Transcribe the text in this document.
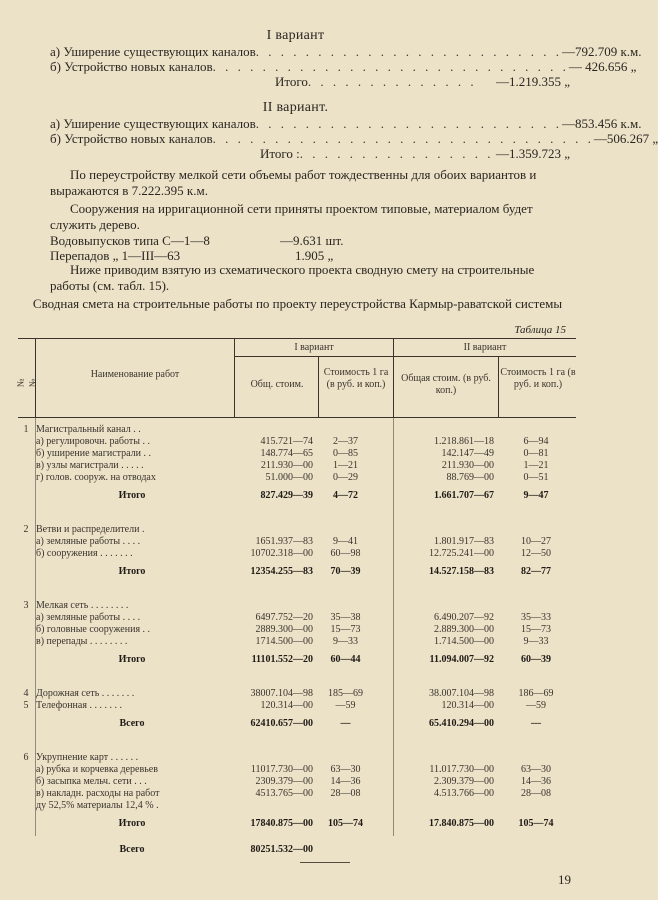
I вариант
а) Уширение существующих каналов . . . . . . . . . . . . . . . . . . . . . . . . . —792.709 к.м.
б) Устройство новых каналов . . . . . . . . . . . . . . . . . . . . . . . . . . . . . — 426.656 „
Итого . . . . . . . . . . . . . .	—1.219.355 „
II вариант.
а) Уширение существующих каналов . . . . . . . . . . . . . . . . . . . . . . . . . —853.456 к.м.
б) Устройство новых каналов . . . . . . . . . . . . . . . . . . . . . . . . . . . . . . . —506.267 „
Итого : . . . . . . . . . . . . . . . . —1.359.723 „
По переустройству мелкой сети объемы работ тождественны для обоих вариантов и выражаются в 7.222.395 к.м.
Сооружения на ирригационной сети приняты проектом типовые, материалом будет служить дерево.
Водовыпусков типа С—1—8	—9.631 шт.
Перепадов „ 1—III—63	1.905 „
Ниже приводим взятую из схематического проекта сводную смету на строительные работы (см. табл. 15).
Сводная смета на строительные работы по проекту переустройства Кармыр-раватской системы
Таблица 15
№№
Наименование работ
I вариант	II вариант
Общ. стоим.
Стоимость 1 га (в руб. и коп.)
Общая стоим. (в руб. коп.)
Стоимость 1 га (в руб. и коп.)
1 Магистральный канал . .
а) регулировочн. работы . .	415.721—74	2—37	1.218.861—18	6—94
б) уширение магистрали . .	148.774—65	0—85	142.147—49	0—81
в) узлы магистрали . . . . .	211.930—00	1—21	211.930—00	1—21
г) голов. сооруж. на отводах	51.000—00	0—29	88.769—00	0—51
Итого	827.429—39	4—72	1.661.707—67	9—47
2 Ветви и распределители .
а) земляные работы . . . .	1651.937—83	9—41	1.801.917—83	10—27
б) сооружения . . . . . . .	10702.318—00	60—98	12.725.241—00	12—50
Итого	12354.255—83	70—39	14.527.158—83	82—77
3 Мелкая сеть . . . . . . . .
а) земляные работы . . . .	6497.752—20	35—38	6.490.207—92	35—33
б) головные сооружения . .	2889.300—00	15—73	2.889.300—00	15—73
в) перепады . . . . . . . .	1714.500—00	9—33	1.714.500—00	9—33
Итого	11101.552—20	60—44	11.094.007—92	60—39
4 Дорожная сеть . . . . . . .	38007.104—98	185—69	38.007.104—98	186—69
5 Телефонная . . . . . . .	120.314—00	—59	120.314—00	—59
Всего	62410.657—00	—	65.410.294—00	—
6 Укрупнение карт . . . . . .
а) рубка и корчевка деревьев	11017.730—00	63—30	11.017.730—00	63—30
б) засыпка мельч. сети . . .	2309.379—00	14—36	2.309.379—00	14—36
в) накладн. расходы на работ	4513.765—00	28—08	4.513.766—00	28—08
ду 52,5% материалы 12,4 % .
Итого	17840.875—00	105—74	17.840.875—00	105—74
Всего	80251.532—00
19
